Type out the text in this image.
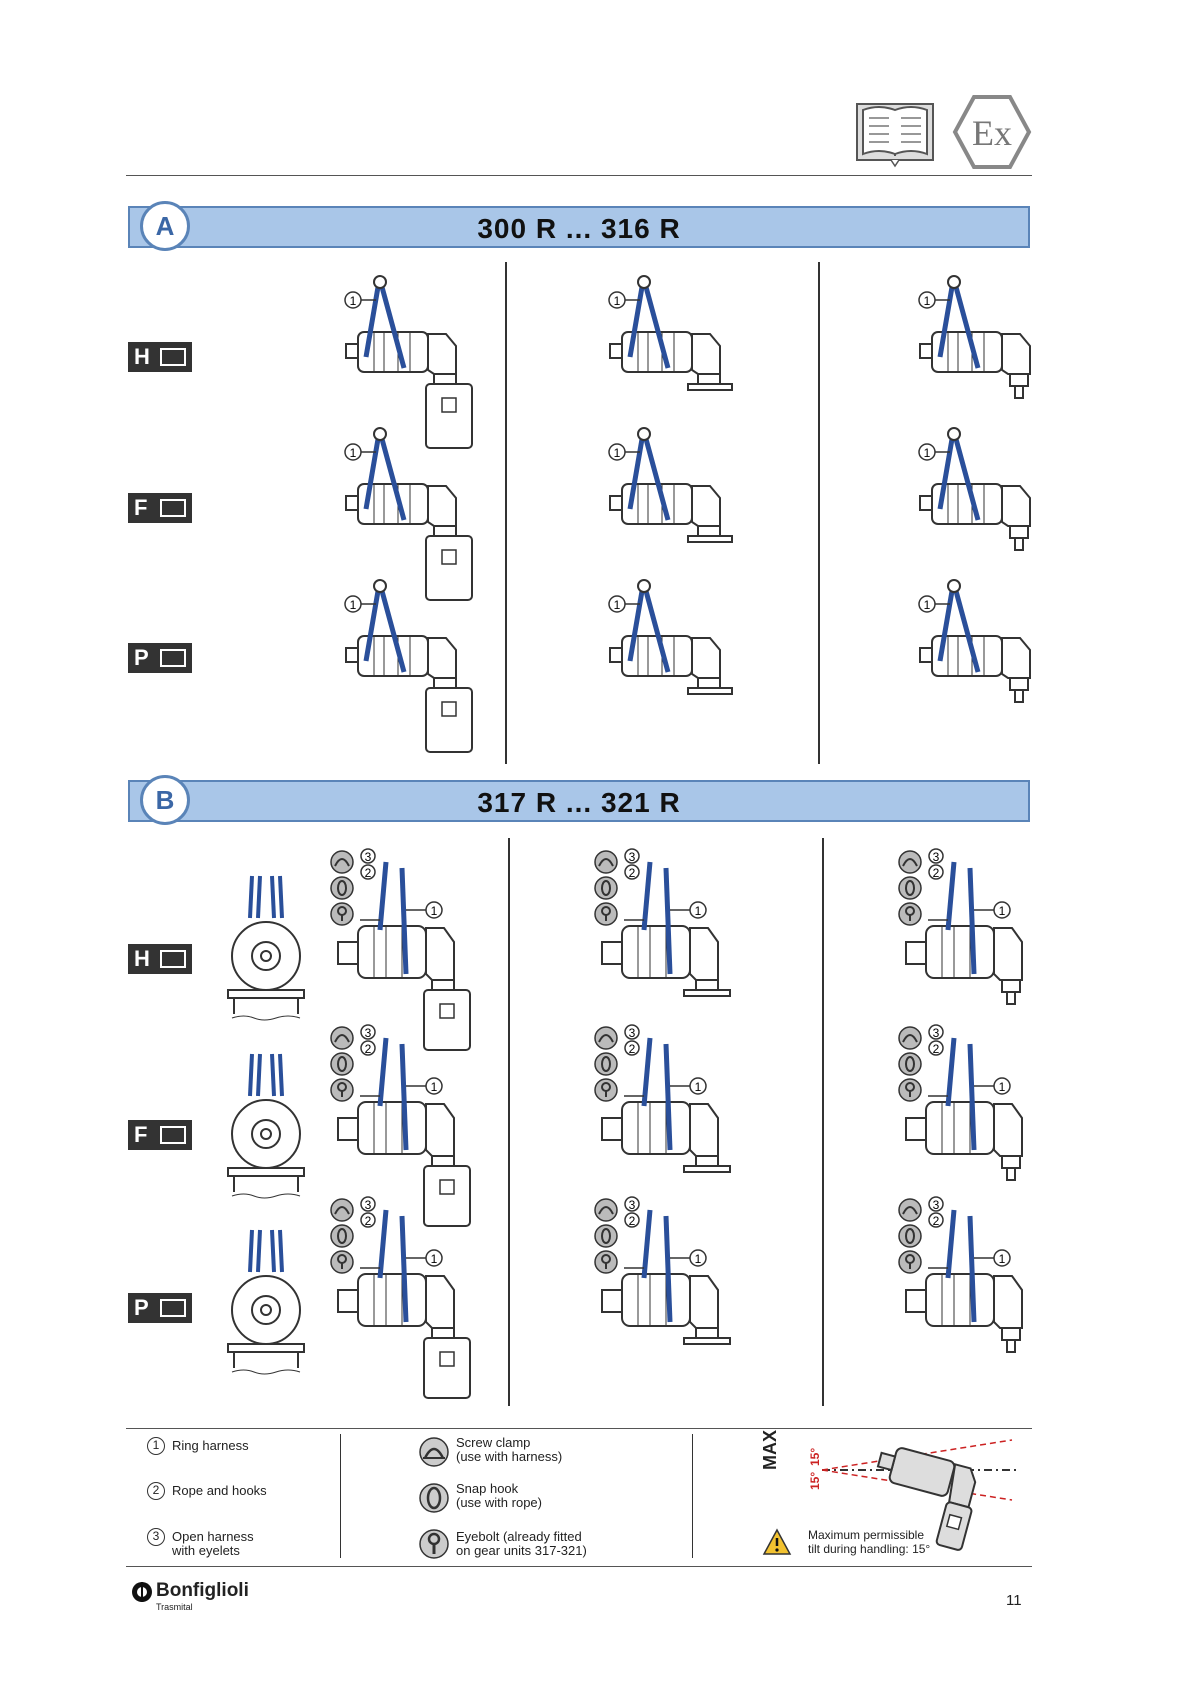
Ex
A	300 R ... 316 R
H
F
P
B	317 R ... 321 R
H
F
P
1 Ring harness
2 Rope and hooks
3 Open harness
with eyelets
Screw clamp
(use with harness)
Snap hook
(use with rope)
Eyebolt (already fitted
on gear units 317-321)
MAX 15°
15°
Maximum permissible
tilt during handling: 15°
Bonfiglioli
Trasmital	11
